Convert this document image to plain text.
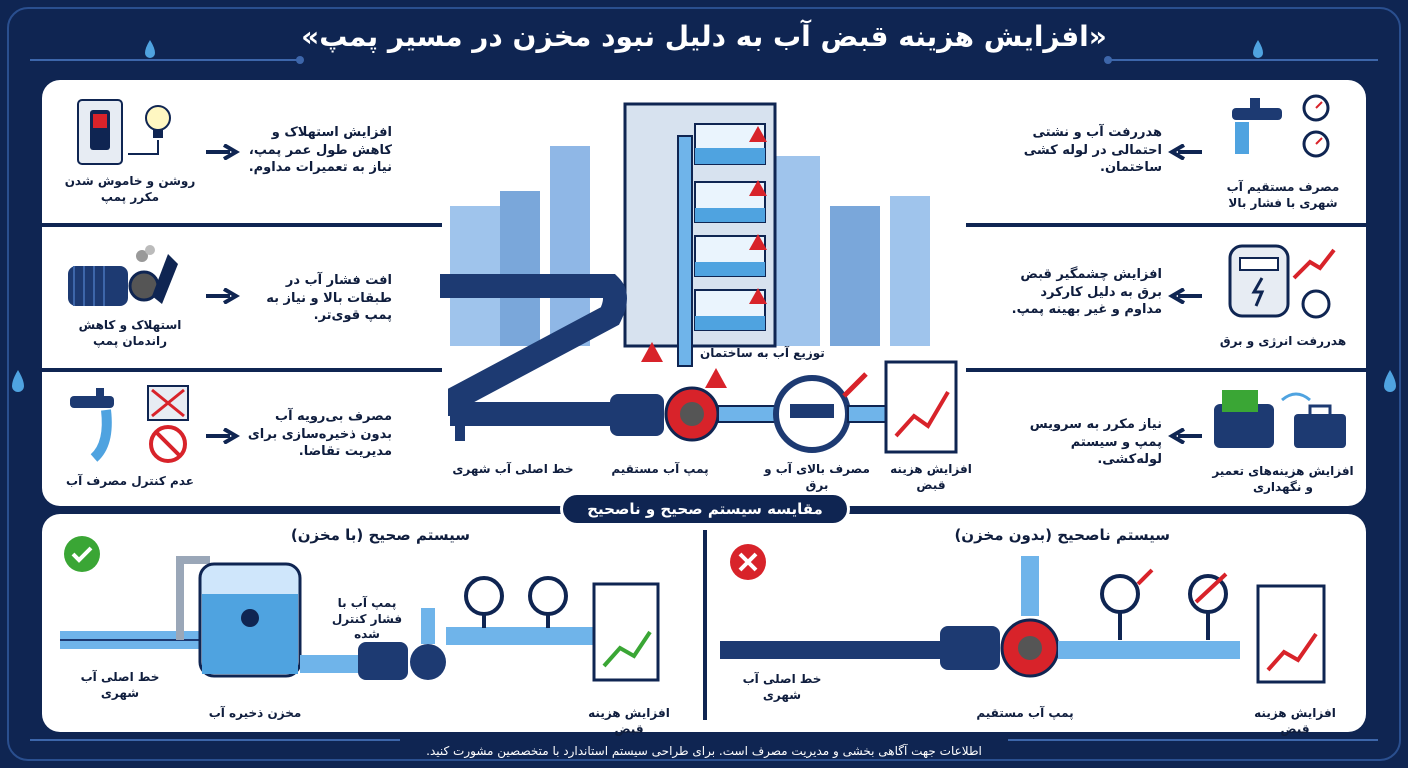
«افزایش هزینه قبض آب به دلیل نبود مخزن در مسیر پمپ»
روشن و خاموش شدن مکرر پمپ
افزایش استهلاک و کاهش طول عمر پمپ، نیاز به تعمیرات مداوم.
استهلاک و کاهش راندمان پمپ
افت فشار آب در طبقات بالا و نیاز به پمپ قوی‌تر.
عدم کنترل مصرف آب
مصرف بی‌رویه آب بدون ذخیره‌سازی برای مدیریت تقاضا.
مصرف مستقیم آب شهری با فشار بالا
هدررفت آب و نشتی احتمالی در لوله کشی ساختمان.
هدررفت انرژی و برق
افزایش چشمگیر قبض برق به دلیل کارکرد مداوم و غیر بهینه پمپ.
افزایش هزینه‌های تعمیر و نگهداری
نیاز مکرر به سرویس پمپ و سیستم لوله‌کشی.
توزیع آب به ساختمان
خط اصلی آب شهری	پمپ آب مستقیم	مصرف بالای آب و برق
افزایش هزینه قبض
مقایسه سیستم صحیح و ناصحیح
سیستم صحیح (با مخزن)
خط اصلی آب شهری
مخزن ذخیره آب
پمپ آب با فشار کنترل شده
افزایش هزینه قبض
سیستم ناصحیح (بدون مخزن)
خط اصلی آب شهری
پمپ آب مستقیم	افزایش هزینه قبض
اطلاعات جهت آگاهی بخشی و مدیریت مصرف است. برای طراحی سیستم استاندارد با متخصصین مشورت کنید.
